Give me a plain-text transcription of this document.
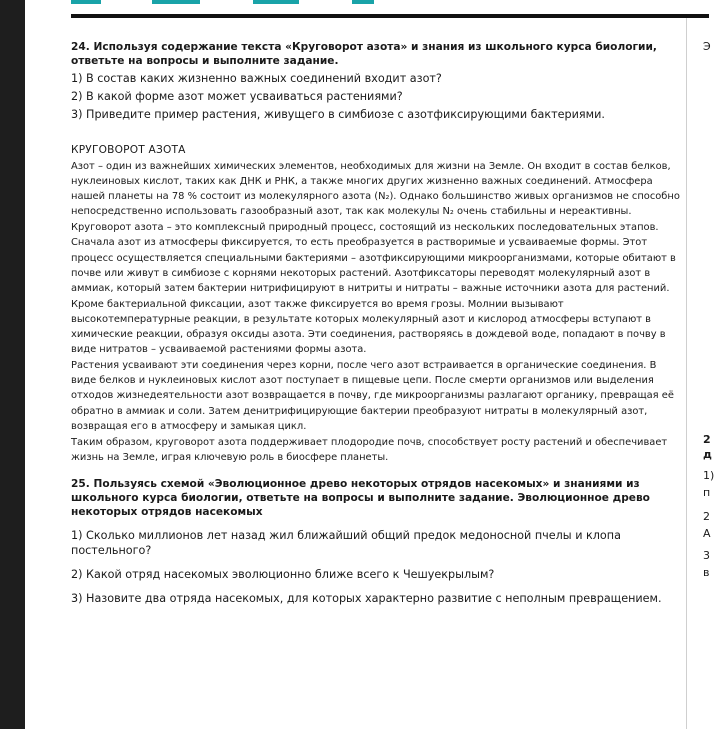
24. Используя содержание текста «Круговорот азота» и знания из школьного курса биологии, ответьте на вопросы и выполните задание.

1) В состав каких жизненно важных соединений входит азот?

2) В какой форме азот может усваиваться растениями?

3) Приведите пример растения, живущего в симбиозе с азотфиксирующими бактериями.

КРУГОВОРОТ АЗОТА

Азот – один из важнейших химических элементов, необходимых для жизни на Земле. Он входит в состав белков, нуклеиновых кислот, таких как ДНК и РНК, а также многих других жизненно важных соединений. Атмосфера нашей планеты на 78 % состоит из молекулярного азота (N₂). Однако большинство живых организмов не способно непосредственно использовать газообразный азот, так как молекулы N₂ очень стабильны и нереактивны.

Круговорот азота – это комплексный природный процесс, состоящий из нескольких последовательных этапов. Сначала азот из атмосферы фиксируется, то есть преобразуется в растворимые и усваиваемые формы. Этот процесс осуществляется специальными бактериями – азотфиксирующими микроорганизмами, которые обитают в почве или живут в симбиозе с корнями некоторых растений. Азотфиксаторы переводят молекулярный азот в аммиак, который затем бактерии нитрифицируют в нитриты и нитраты – важные источники азота для растений.

Кроме бактериальной фиксации, азот также фиксируется во время грозы. Молнии вызывают высокотемпературные реакции, в результате которых молекулярный азот и кислород атмосферы вступают в химические реакции, образуя оксиды азота. Эти соединения, растворяясь в дождевой воде, попадают в почву в виде нитратов – усваиваемой растениями формы азота.

Растения усваивают эти соединения через корни, после чего азот встраивается в органические соединения. В виде белков и нуклеиновых кислот азот поступает в пищевые цепи. После смерти организмов или выделения отходов жизнедеятельности азот возвращается в почву, где микроорганизмы разлагают органику, превращая её обратно в аммиак и соли. Затем денитрифицирующие бактерии преобразуют нитраты в молекулярный азот, возвращая его в атмосферу и замыкая цикл.

Таким образом, круговорот азота поддерживает плодородие почв, способствует росту растений и обеспечивает жизнь на Земле, играя ключевую роль в биосфере планеты.

25. Пользуясь схемой «Эволюционное древо некоторых отрядов насекомых» и знаниями из школьного курса биологии, ответьте на вопросы и выполните задание. Эволюционное древо некоторых отрядов насекомых

1) Сколько миллионов лет назад жил ближайший общий предок медоносной пчелы и клопа постельного?

2) Какой отряд насекомых эволюционно ближе всего к Чешуекрылым?

3) Назовите два отряда насекомых, для которых характерно развитие с неполным превращением.

Э
2
д
1)
п
2
А
3
в
